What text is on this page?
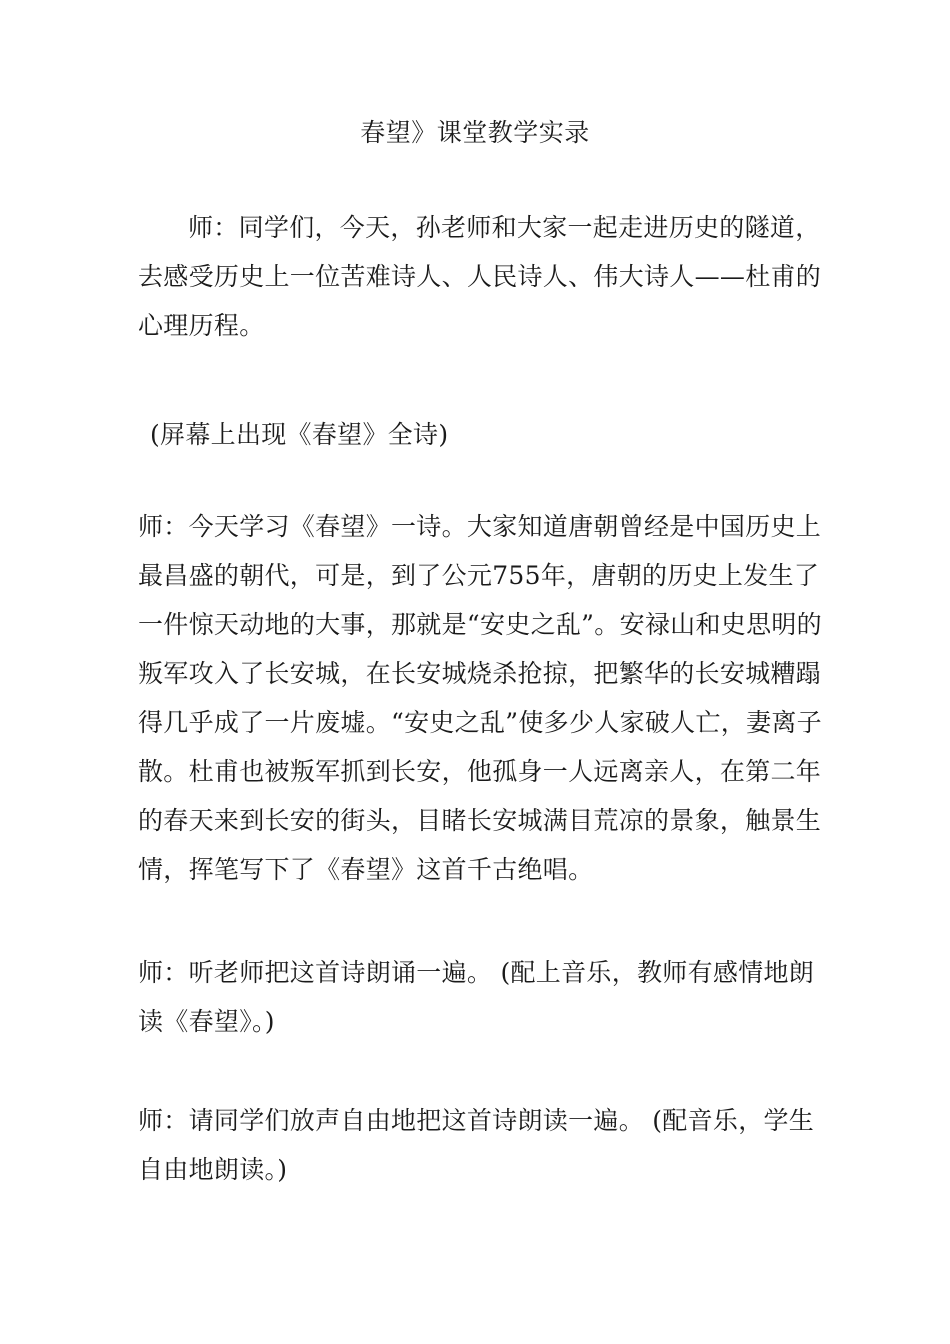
春望》课堂教学实录

师：同学们，今天，孙老师和大家一起走进历史的隧道，去感受历史上一位苦难诗人、人民诗人、伟大诗人——杜甫的心理历程。

(屏幕上出现《春望》全诗)

师：今天学习《春望》一诗。大家知道唐朝曾经是中国历史上最昌盛的朝代，可是，到了公元755年，唐朝的历史上发生了一件惊天动地的大事，那就是“安史之乱”。安禄山和史思明的叛军攻入了长安城，在长安城烧杀抢掠，把繁华的长安城糟蹋得几乎成了一片废墟。“安史之乱”使多少人家破人亡，妻离子散。杜甫也被叛军抓到长安，他孤身一人远离亲人，在第二年的春天来到长安的街头，目睹长安城满目荒凉的景象，触景生情，挥笔写下了《春望》这首千古绝唱。

师：听老师把这首诗朗诵一遍。 (配上音乐，教师有感情地朗读《春望》。)

师：请同学们放声自由地把这首诗朗读一遍。 (配音乐，学生自由地朗读。)
